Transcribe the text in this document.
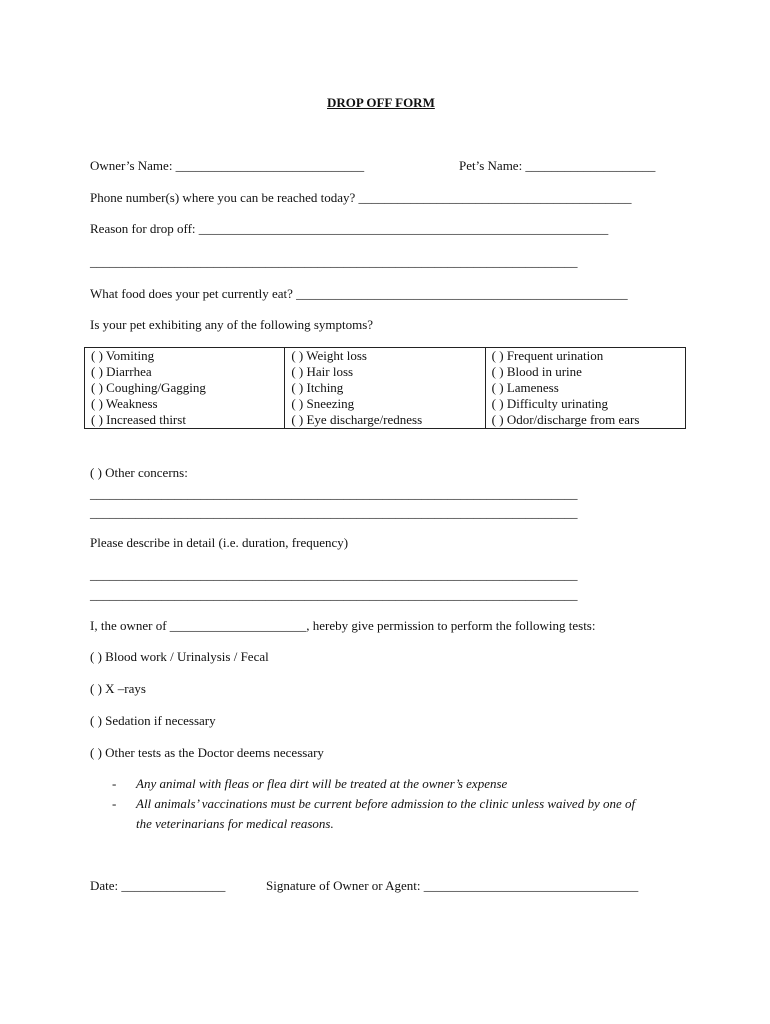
DROP OFF FORM
Owner’s Name: _____________________________	Pet’s Name: ____________________
Phone number(s) where you can be reached today? __________________________________________
Reason for drop off: _______________________________________________________________
___________________________________________________________________________
What food does your pet currently eat? ___________________________________________________
Is your pet exhibiting any of the following symptoms?
( ) Vomiting	( ) Weight loss	( ) Frequent urination
( ) Diarrhea	( ) Hair loss	( ) Blood in urine
( ) Coughing/Gagging	( ) Itching	( ) Lameness
( ) Weakness	( ) Sneezing	( ) Difficulty urinating
( ) Increased thirst	( ) Eye discharge/redness	( ) Odor/discharge from ears
( ) Other concerns:
___________________________________________________________________________
___________________________________________________________________________
Please describe in detail (i.e. duration, frequency)
___________________________________________________________________________
___________________________________________________________________________
I, the owner of _____________________, hereby give permission to perform the following tests:
( ) Blood work / Urinalysis / Fecal
( ) X –rays
( ) Sedation if necessary
( ) Other tests as the Doctor deems necessary
- Any animal with fleas or flea dirt will be treated at the owner’s expense
- All animals’ vaccinations must be current before admission to the clinic unless waived by one of
the veterinarians for medical reasons.
Date: ________________	Signature of Owner or Agent: _________________________________
